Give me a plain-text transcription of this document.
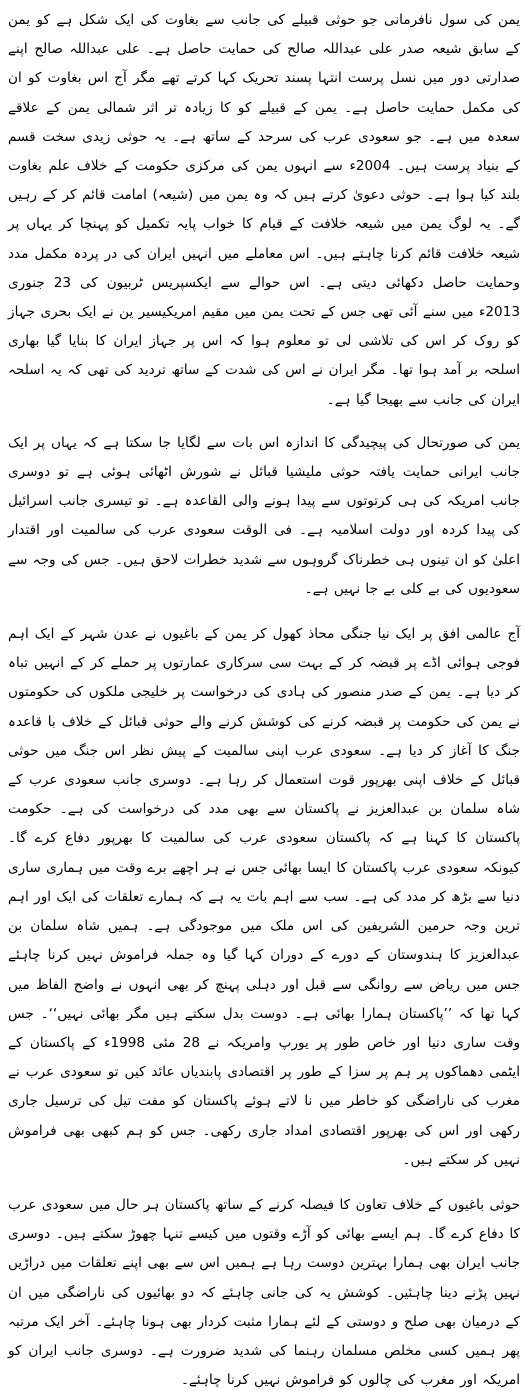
یمن کی سول نافرمانی جو حوثی قبیلے کی جانب سے بغاوت کی ایک شکل ہے کو یمن کے سابق شیعہ صدر علی عبداللہ صالح کی حمایت حاصل ہے۔ علی عبداللہ صالح اپنے صدارتی دور میں نسل پرست انتہا پسند تحریک کہا کرتے تھے مگر آج اس بغاوت کو ان کی مکمل حمایت حاصل ہے۔ یمن کے قبیلے کو کا زیادہ تر اثر شمالی یمن کے علاقے سعدہ میں ہے۔ جو سعودی عرب کی سرحد کے ساتھ ہے۔ یہ حوثی زیدی سخت قسم کے بنیاد پرست ہیں۔ 2004ء سے انہوں یمن کی مرکزی حکومت کے خلاف علم بغاوت بلند کیا ہوا ہے۔ حوثی دعویٰ کرتے ہیں کہ وہ یمن میں (شیعہ) امامت قائم کر کے رہیں گے۔ یہ لوگ یمن میں شیعہ خلافت کے قیام کا خواب پایہ تکمیل کو پہنچا کر یہاں پر شیعہ خلافت قائم کرنا چاہتے ہیں۔ اس معاملے میں انہیں ایران کی در پردہ مکمل مدد وحمایت حاصل دکھائی دیتی ہے۔ اس حوالے سے ایکسپریس ٹربیون کی 23 جنوری 2013ء میں سنے آئی تھی جس کے تحت یمن میں مقیم امریکیسیر ین نے ایک بحری جہاز کو روک کر اس کی تلاشی لی تو معلوم ہوا کہ اس پر جہاز ایران کا بنایا گیا بھاری اسلحہ بر آمد ہوا تھا۔ مگر ایران نے اس کی شدت کے ساتھ تردید کی تھی کہ یہ اسلحہ ایران کی جانب سے بھیجا گیا ہے۔

یمن کی صورتحال کی پیچیدگی کا اندازہ اس بات سے لگایا جا سکتا ہے کہ یہاں پر ایک جانب ایرانی حمایت یافتہ حوثی ملیشیا قبائل نے شورش اٹھائی ہوئی ہے تو دوسری جانب امریکہ کی ہی کرتوتوں سے پیدا ہونے والی القاعدہ ہے۔ تو تیسری جانب اسرائیل کی پیدا کردہ اور دولت اسلامیہ ہے۔ فی الوقت سعودی عرب کی سالمیت اور اقتدار اعلیٰ کو ان تینوں ہی خطرناک گروہوں سے شدید خطرات لاحق ہیں۔ جس کی وجہ سے سعودیوں کی بے کلی بے جا نہیں ہے۔

آج عالمی افق پر ایک نیا جنگی محاذ کھول کر یمن کے باغیوں نے عدن شہر کے ایک اہم فوجی ہوائی اڈے پر قبضہ کر کے بہت سی سرکاری عمارتوں پر حملے کر کے انہیں تباہ کر دیا ہے۔ یمن کے صدر منصور کی ہادی کی درخواست پر خلیجی ملکوں کی حکومتوں نے یمن کی حکومت پر قبضہ کرنے کی کوشش کرنے والے حوثی قبائل کے خلاف با قاعدہ جنگ کا آغاز کر دیا ہے۔ سعودی عرب اپنی سالمیت کے پیش نظر اس جنگ میں حوثی قبائل کے خلاف اپنی بھرپور قوت استعمال کر رہا ہے۔ دوسری جانب سعودی عرب کے شاہ سلمان بن عبدالعزیز نے پاکستان سے بھی مدد کی درخواست کی ہے۔ حکومت پاکستان کا کہنا ہے کہ پاکستان سعودی عرب کی سالمیت کا بھرپور دفاع کرے گا۔ کیونکہ سعودی عرب پاکستان کا ایسا بھائی جس نے ہر اچھے برے وقت میں ہماری ساری دنیا سے بڑھ کر مدد کی ہے۔ سب سے اہم بات یہ ہے کہ ہمارے تعلقات کی ایک اور اہم ترین وجہ حرمین الشریفین کی اس ملک میں موجودگی ہے۔ ہمیں شاہ سلمان بن عبدالعزیز کا ہندوستان کے دورے کے دوران کہا گیا وہ جملہ فراموش نہیں کرنا چاہئے جس میں ریاض سے روانگی سے قبل اور دہلی پہنچ کر بھی انہوں نے واضح الفاظ میں کہا تھا کہ ’’پاکستان ہمارا بھائی ہے۔ دوست بدل سکتے ہیں مگر بھائی نہیں‘‘۔ جس وقت ساری دنیا اور خاص طور پر یورپ وامریکہ نے 28 مئی 1998ء کے پاکستان کے ایٹمی دھماکوں پر ہم پر سزا کے طور پر اقتصادی پابندیاں عائد کیں تو سعودی عرب نے مغرب کی ناراضگی کو خاطر میں نا لاتے ہوئے پاکستان کو مفت تیل کی ترسیل جاری رکھی اور اس کی بھرپور اقتصادی امداد جاری رکھی۔ جس کو ہم کبھی بھی فراموش نہیں کر سکتے ہیں۔

حوثی باغیوں کے خلاف تعاون کا فیصلہ کرنے کے ساتھ پاکستان ہر حال میں سعودی عرب کا دفاع کرے گا۔ ہم ایسے بھائی کو آڑے وقتوں میں کیسے تنہا چھوڑ سکتے ہیں۔ دوسری جانب ایران بھی ہمارا بہترین دوست رہا ہے ہمیں اس سے بھی اپنے تعلقات میں دراڑیں نہیں پڑنے دینا چاہئیں۔ کوشش یہ کی جانی چاہئے کہ دو بھائیوں کی ناراضگی میں ان کے درمیان بھی صلح و دوستی کے لئے ہمارا مثبت کردار بھی ہونا چاہئے۔ آخر ایک مرتبہ پھر ہمیں کسی مخلص مسلمان رہنما کی شدید ضرورت ہے۔ دوسری جانب ایران کو امریکہ اور مغرب کی چالوں کو فراموش نہیں کرنا چاہئے۔
